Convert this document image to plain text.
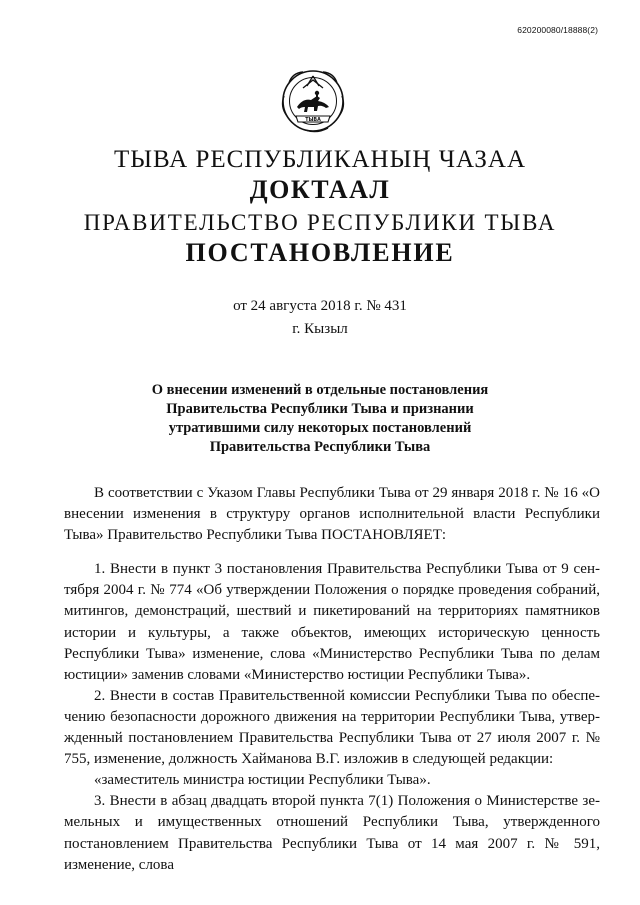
620200080/18888(2)
ТЫВА
ТЫВА РЕСПУБЛИКАНЫҢ ЧАЗАА
ДОКТААЛ
ПРАВИТЕЛЬСТВО РЕСПУБЛИКИ ТЫВА
ПОСТАНОВЛЕНИЕ
от 24 августа 2018 г. № 431
г. Кызыл
О внесении изменений в отдельные постановления
Правительства Республики Тыва и признании
утратившими силу некоторых постановлений
Правительства Республики Тыва

В соответствии с Указом Главы Республики Тыва от 29 января 2018 г. № 16 «О внесении изменения в структуру органов исполнительной власти Республики Тыва» Правительство Республики Тыва ПОСТАНОВЛЯЕТ:

1. Внести в пункт 3 постановления Правительства Республики Тыва от 9 сентября 2004 г. № 774 «Об утверждении Положения о порядке проведения собраний, митингов, демонстраций, шествий и пикетирований на территориях памятников истории и культуры, а также объектов, имеющих историческую ценность Республики Тыва» изменение, слова «Министерство Республики Тыва по делам юстиции» заменив словами «Министерство юстиции Республики Тыва».

2. Внести в состав Правительственной комиссии Республики Тыва по обеспечению безопасности дорожного движения на территории Республики Тыва, утвержденный постановлением Правительства Республики Тыва от 27 июля 2007 г. № 755, изменение, должность Хайманова В.Г. изложив в следующей редакции:

«заместитель министра юстиции Республики Тыва».

3. Внести в абзац двадцать второй пункта 7(1) Положения о Министерстве земельных и имущественных отношений Республики Тыва, утвержденного постановлением Правительства Республики Тыва от 14 мая 2007 г. № 591, изменение, слова
